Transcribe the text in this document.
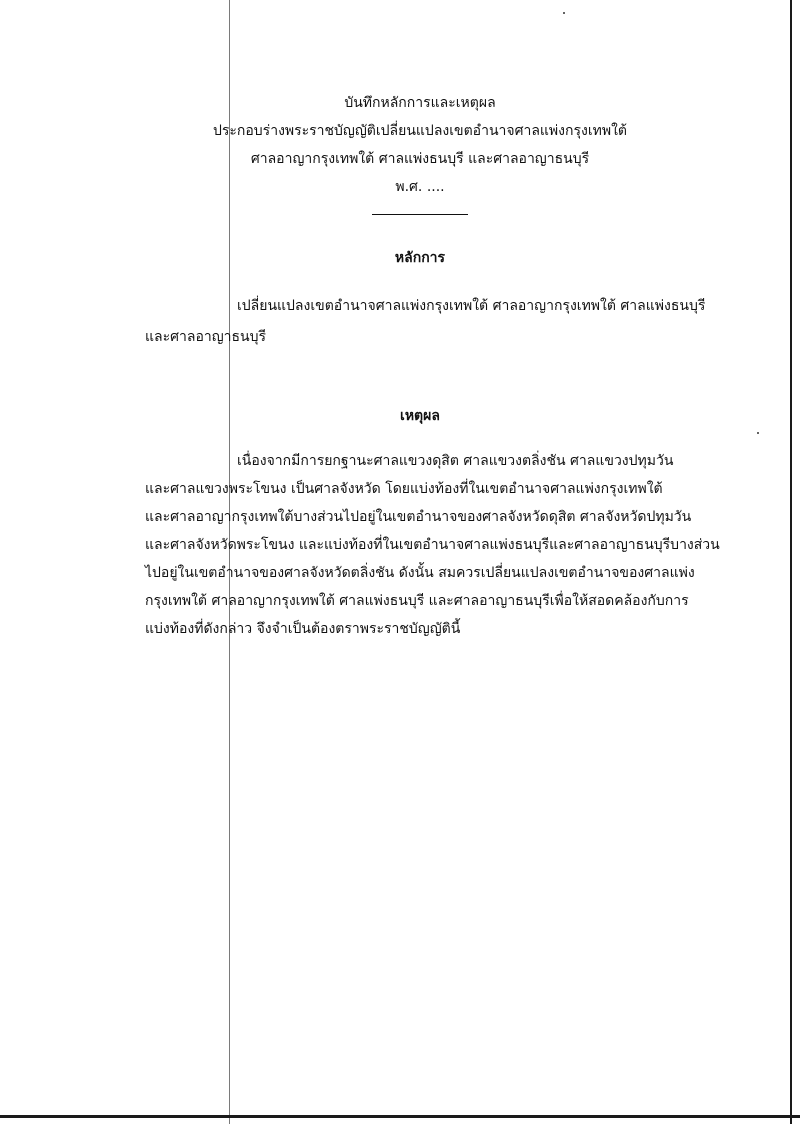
บันทึกหลักการและเหตุผล
ประกอบร่างพระราชบัญญัติเปลี่ยนแปลงเขตอำนาจศาลแพ่งกรุงเทพใต้
ศาลอาญากรุงเทพใต้ ศาลแพ่งธนบุรี และศาลอาญาธนบุรี
พ.ศ. ....
หลักการ
เปลี่ยนแปลงเขตอำนาจศาลแพ่งกรุงเทพใต้ ศาลอาญากรุงเทพใต้ ศาลแพ่งธนบุรี
และศาลอาญาธนบุรี
เหตุผล
เนื่องจากมีการยกฐานะศาลแขวงดุสิต ศาลแขวงตลิ่งชัน ศาลแขวงปทุมวัน
และศาลแขวงพระโขนง เป็นศาลจังหวัด โดยแบ่งท้องที่ในเขตอำนาจศาลแพ่งกรุงเทพใต้
และศาลอาญากรุงเทพใต้บางส่วนไปอยู่ในเขตอำนาจของศาลจังหวัดดุสิต ศาลจังหวัดปทุมวัน
และศาลจังหวัดพระโขนง และแบ่งท้องที่ในเขตอำนาจศาลแพ่งธนบุรีและศาลอาญาธนบุรีบางส่วน
ไปอยู่ในเขตอำนาจของศาลจังหวัดตลิ่งชัน ดังนั้น สมควรเปลี่ยนแปลงเขตอำนาจของศาลแพ่ง
กรุงเทพใต้ ศาลอาญากรุงเทพใต้ ศาลแพ่งธนบุรี และศาลอาญาธนบุรีเพื่อให้สอดคล้องกับการ
แบ่งท้องที่ดังกล่าว จึงจำเป็นต้องตราพระราชบัญญัตินี้
